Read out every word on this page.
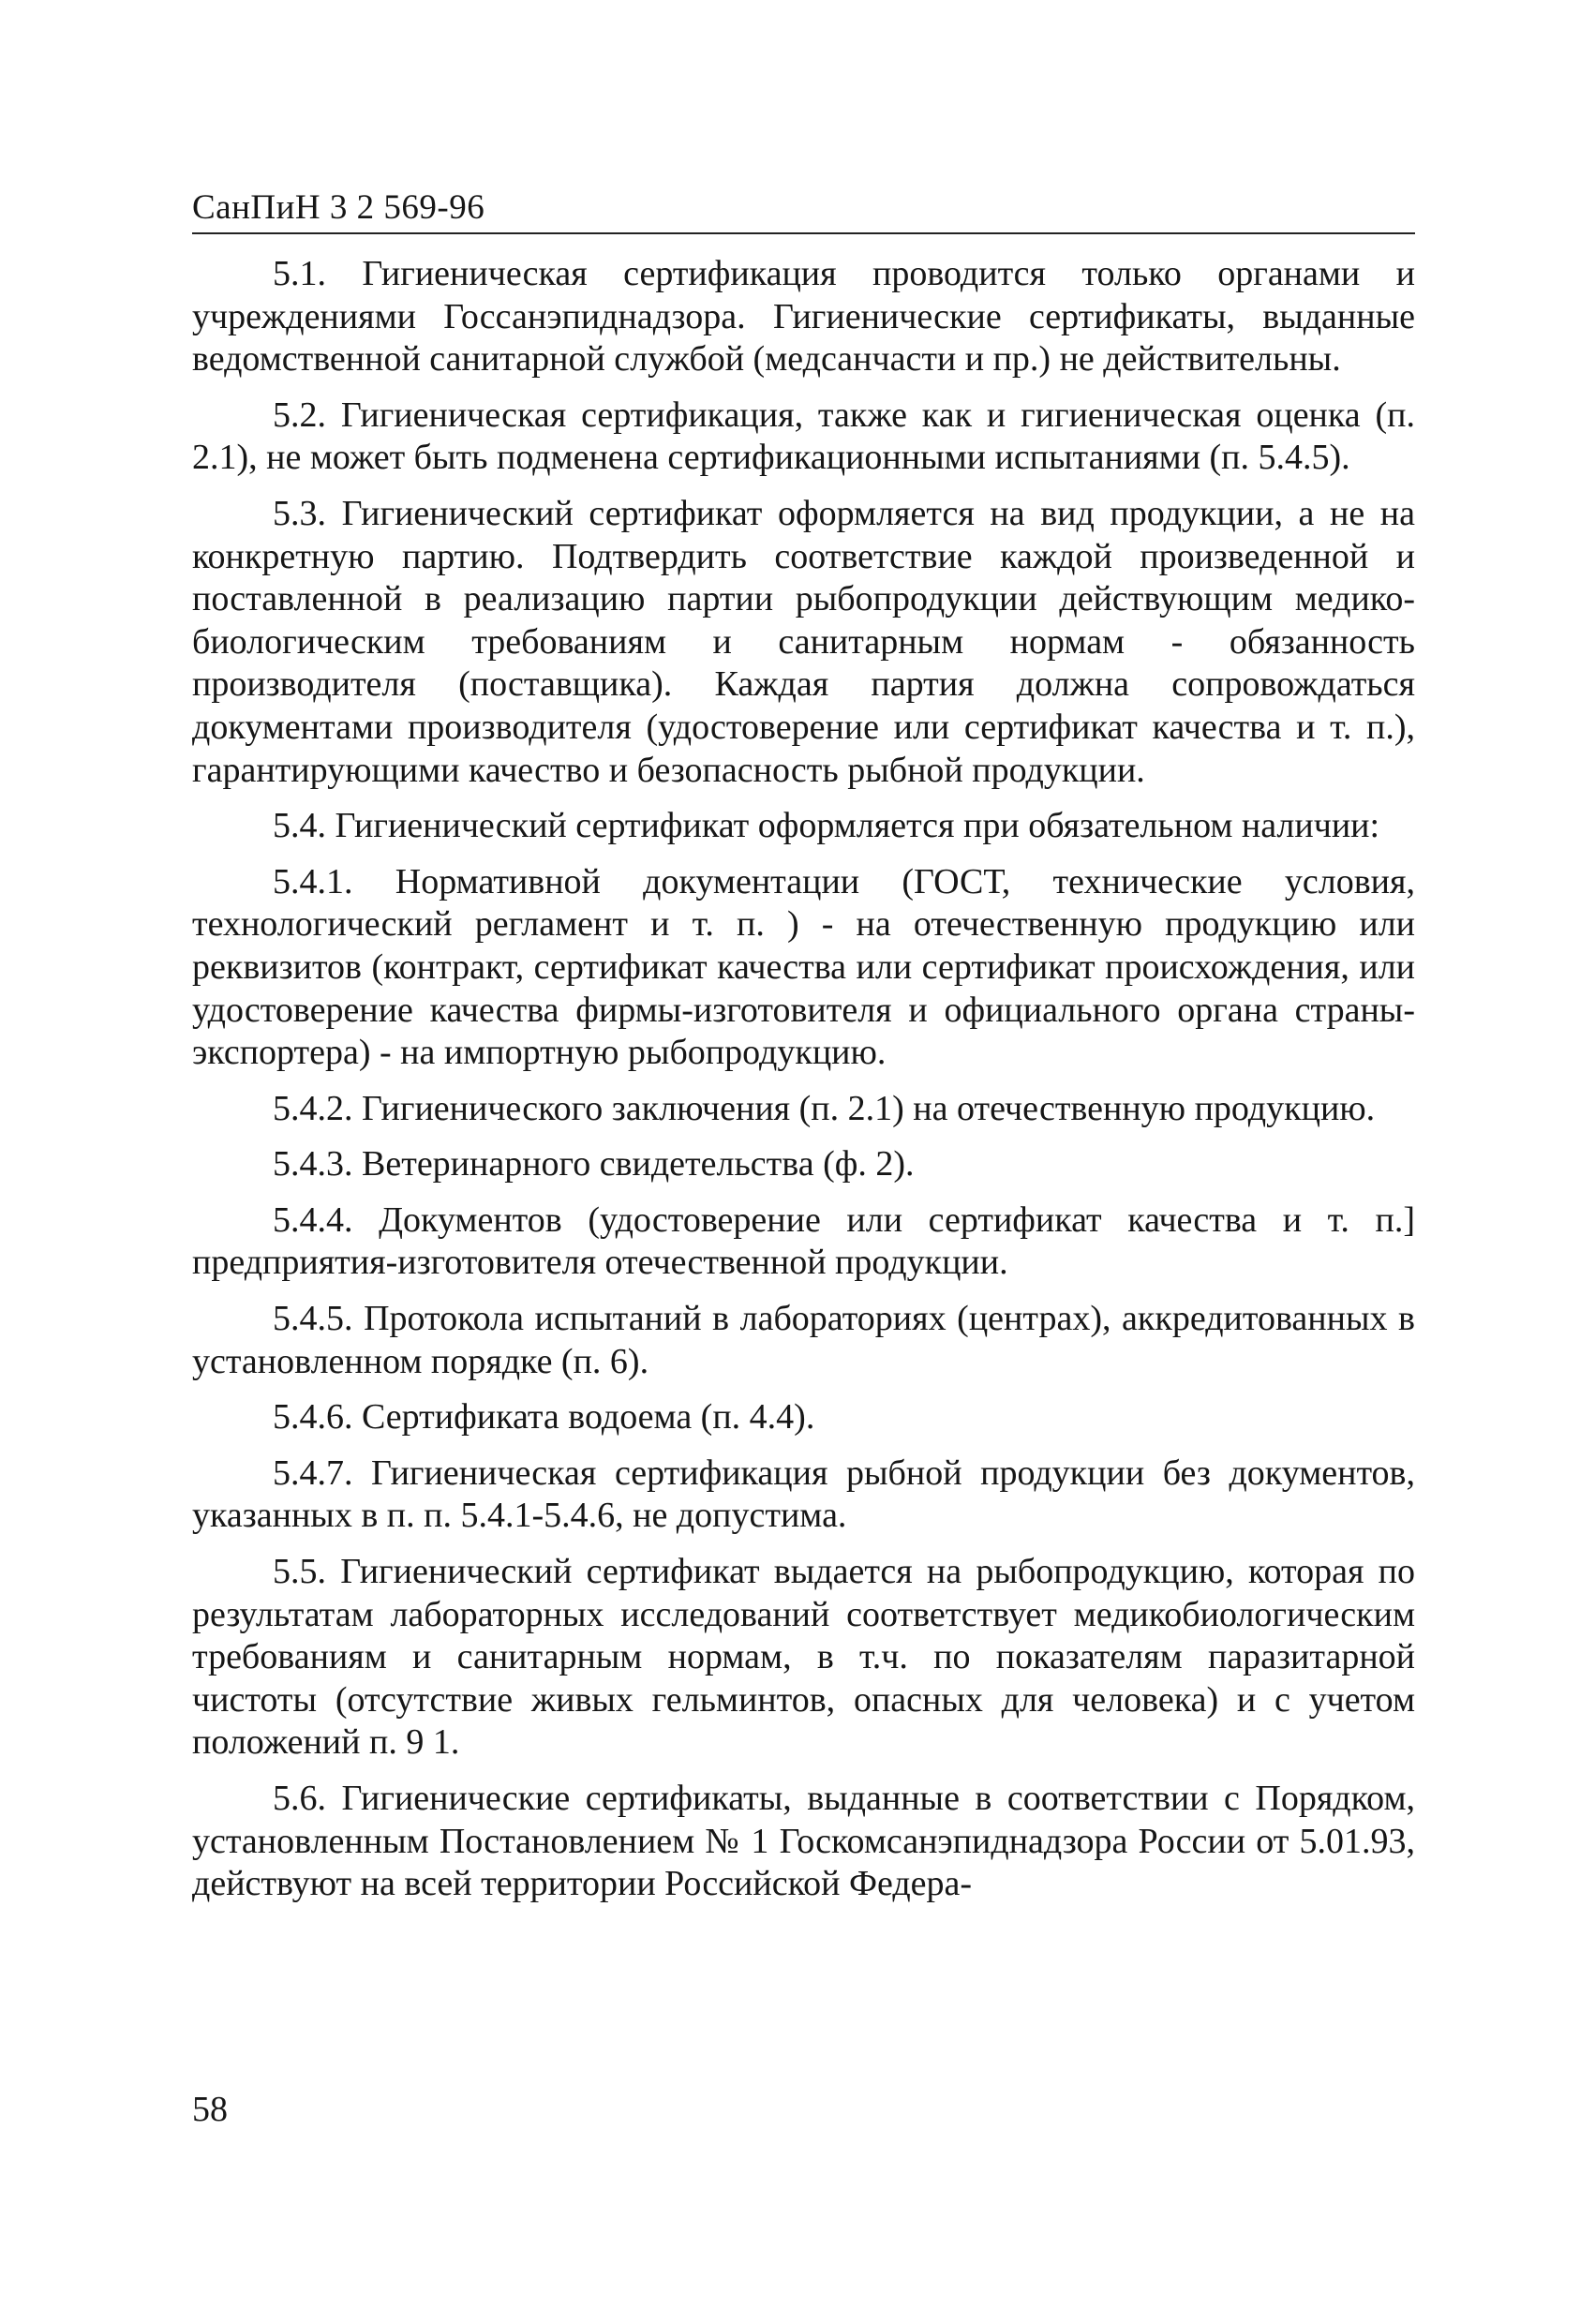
СанПиН 3 2 569-96

5.1. Гигиеническая сертификация проводится только органами и учреждениями Госсанэпиднадзора. Гигиенические сертификаты, выданные ведомственной санитарной службой (медсанчасти и пр.) не действительны.

5.2. Гигиеническая сертификация, также как и гигиеническая оценка (п. 2.1), не может быть подменена сертификационными испытаниями (п. 5.4.5).

5.3. Гигиенический сертификат оформляется на вид продукции, а не на конкретную партию. Подтвердить соответствие каждой произведенной и поставленной в реализацию партии рыбопродукции действующим медико-биологическим требованиям и санитарным нормам - обязанность производителя (поставщика). Каждая партия должна сопровождаться документами производителя (удостоверение или сертификат качества и т. п.), гарантирующими качество и безопасность рыбной продукции.

5.4. Гигиенический сертификат оформляется при обязательном наличии:

5.4.1. Нормативной документации (ГОСТ, технические условия, технологический регламент и т. п. ) - на отечественную продукцию или реквизитов (контракт, сертификат качества или сертификат происхождения, или удостоверение качества фирмы-изготовителя и официального органа страны-экспортера) - на импортную рыбопродукцию.

5.4.2. Гигиенического заключения (п. 2.1) на отечественную продукцию.

5.4.3. Ветеринарного свидетельства (ф. 2).

5.4.4. Документов (удостоверение или сертификат качества и т. п.] предприятия-изготовителя отечественной продукции.

5.4.5. Протокола испытаний в лабораториях (центрах), аккредитованных в установленном порядке (п. 6).

5.4.6. Сертификата водоема (п. 4.4).

5.4.7. Гигиеническая сертификация рыбной продукции без документов, указанных в п. п. 5.4.1-5.4.6, не допустима.

5.5. Гигиенический сертификат выдается на рыбопродукцию, которая по результатам лабораторных исследований соответствует медикобиологическим требованиям и санитарным нормам, в т.ч. по показателям паразитарной чистоты (отсутствие живых гельминтов, опасных для человека) и с учетом положений п. 9 1.

5.6. Гигиенические сертификаты, выданные в соответствии с Порядком, установленным Постановлением № 1 Госкомсанэпиднадзора России от 5.01.93, действуют на всей территории Российской Федера-

58
